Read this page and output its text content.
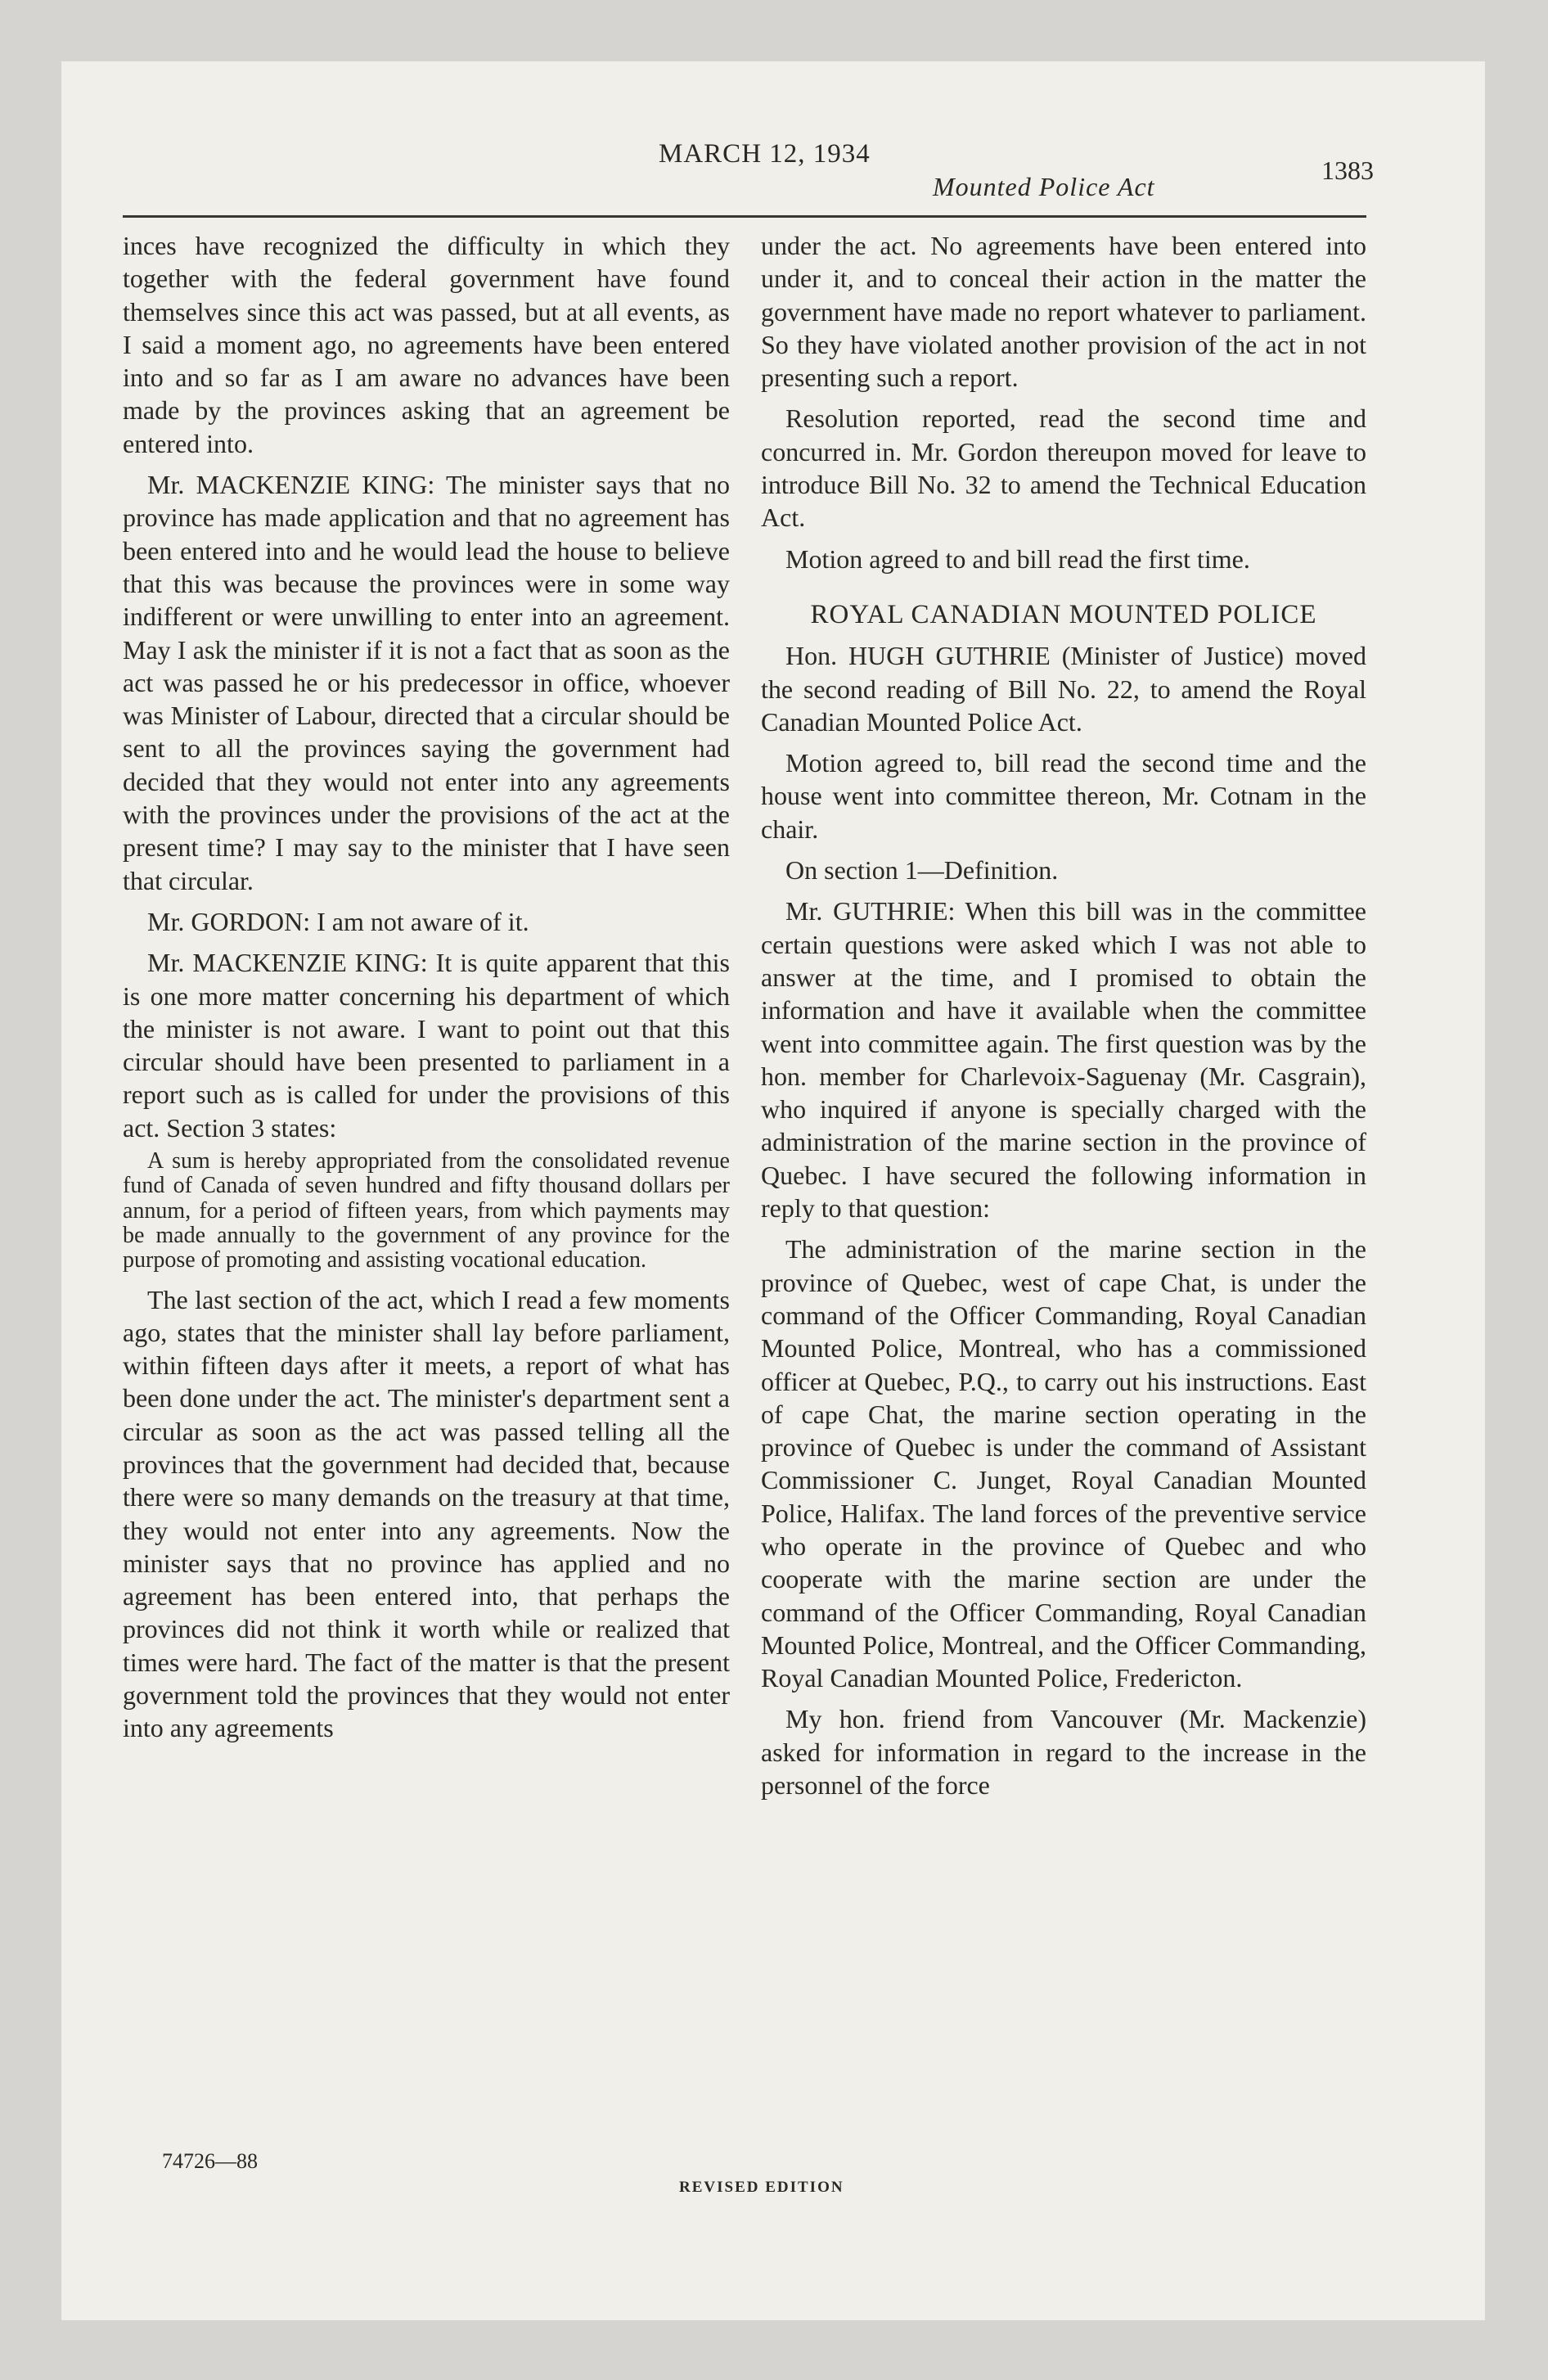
MARCH 12, 1934
Mounted Police Act
1383

inces have recognized the difficulty in which they together with the federal government have found themselves since this act was passed, but at all events, as I said a moment ago, no agreements have been entered into and so far as I am aware no advances have been made by the provinces asking that an agreement be entered into.

Mr. MACKENZIE KING: The minister says that no province has made application and that no agreement has been entered into and he would lead the house to believe that this was because the provinces were in some way indifferent or were unwilling to enter into an agreement. May I ask the minister if it is not a fact that as soon as the act was passed he or his predecessor in office, whoever was Minister of Labour, directed that a circular should be sent to all the provinces saying the government had decided that they would not enter into any agreements with the provinces under the provisions of the act at the present time? I may say to the minister that I have seen that circular.

Mr. GORDON: I am not aware of it.

Mr. MACKENZIE KING: It is quite apparent that this is one more matter concerning his department of which the minister is not aware. I want to point out that this circular should have been presented to parliament in a report such as is called for under the provisions of this act. Section 3 states:

A sum is hereby appropriated from the consolidated revenue fund of Canada of seven hundred and fifty thousand dollars per annum, for a period of fifteen years, from which payments may be made annually to the government of any province for the purpose of promoting and assisting vocational education.

The last section of the act, which I read a few moments ago, states that the minister shall lay before parliament, within fifteen days after it meets, a report of what has been done under the act. The minister's department sent a circular as soon as the act was passed telling all the provinces that the government had decided that, because there were so many demands on the treasury at that time, they would not enter into any agreements. Now the minister says that no province has applied and no agreement has been entered into, that perhaps the provinces did not think it worth while or realized that times were hard. The fact of the matter is that the present government told the provinces that they would not enter into any agreements

under the act. No agreements have been entered into under it, and to conceal their action in the matter the government have made no report whatever to parliament. So they have violated another provision of the act in not presenting such a report.

Resolution reported, read the second time and concurred in. Mr. Gordon thereupon moved for leave to introduce Bill No. 32 to amend the Technical Education Act.

Motion agreed to and bill read the first time.

ROYAL CANADIAN MOUNTED POLICE

Hon. HUGH GUTHRIE (Minister of Justice) moved the second reading of Bill No. 22, to amend the Royal Canadian Mounted Police Act.

Motion agreed to, bill read the second time and the house went into committee thereon, Mr. Cotnam in the chair.

On section 1—Definition.

Mr. GUTHRIE: When this bill was in the committee certain questions were asked which I was not able to answer at the time, and I promised to obtain the information and have it available when the committee went into committee again. The first question was by the hon. member for Charlevoix-Saguenay (Mr. Casgrain), who inquired if anyone is specially charged with the administration of the marine section in the province of Quebec. I have secured the following information in reply to that question:

The administration of the marine section in the province of Quebec, west of cape Chat, is under the command of the Officer Commanding, Royal Canadian Mounted Police, Montreal, who has a commissioned officer at Quebec, P.Q., to carry out his instructions. East of cape Chat, the marine section operating in the province of Quebec is under the command of Assistant Commissioner C. Junget, Royal Canadian Mounted Police, Halifax. The land forces of the preventive service who operate in the province of Quebec and who cooperate with the marine section are under the command of the Officer Commanding, Royal Canadian Mounted Police, Montreal, and the Officer Commanding, Royal Canadian Mounted Police, Fredericton.

My hon. friend from Vancouver (Mr. Mackenzie) asked for information in regard to the increase in the personnel of the force

74726—88
REVISED EDITION
